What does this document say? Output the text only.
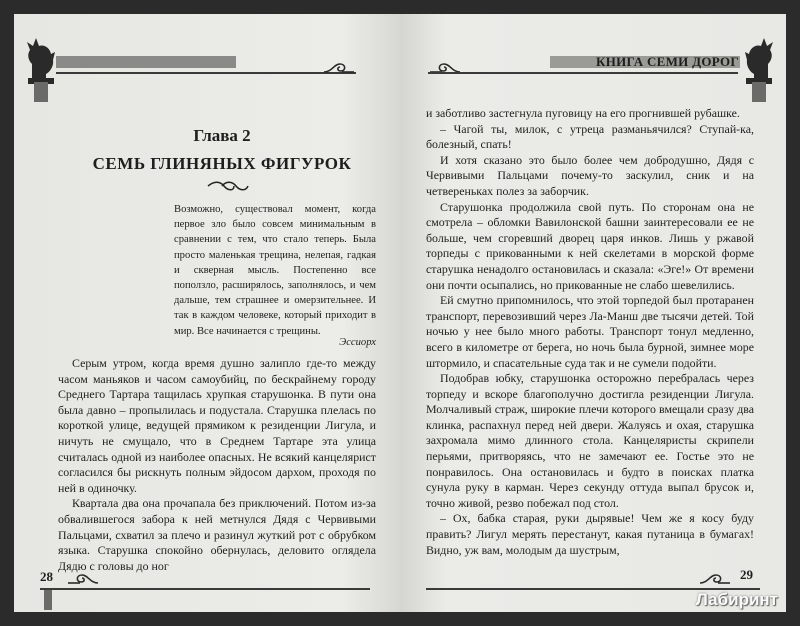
Глава 2
СЕМЬ ГЛИНЯНЫХ ФИГУРОК

Возможно, существовал момент, когда первое зло было совсем минимальным в сравнении с тем, что стало теперь. Была просто маленькая трещина, нелепая, гадкая и скверная мысль. Постепенно все поползло, расширялось, заполнялось, и чем дальше, тем страшнее и омерзительнее. И так в каждом человеке, который приходит в мир. Все начинается с трещины.

Эссиорх

Серым утром, когда время душно залипло где-то между часом маньяков и часом самоубийц, по бескрайнему городу Среднего Тартара тащилась хрупкая старушонка. В пути она была давно – пропылилась и подустала. Старушка плелась по короткой улице, ведущей прямиком к резиденции Лигула, и ничуть не смущало, что в Среднем Тартаре эта улица считалась одной из наиболее опасных. Не всякий канцелярист согласился бы рискнуть полным эйдосом дархом, проходя по ней в одиночку.

Квартала два она прочапала без приключений. Потом из-за обвалившегося забора к ней метнулся Дядя с Червивыми Пальцами, схватил за плечо и разинул жуткий рот с обрубком языка. Старушка спокойно обернулась, деловито оглядела Дядю с головы до ног

28
КНИГА СЕМИ ДОРОГ

и заботливо застегнула пуговицу на его прогнившей рубашке.

– Чагой ты, милок, с утреца разманьячился? Ступай-ка, болезный, спать!

И хотя сказано это было более чем добродушно, Дядя с Червивыми Пальцами почему-то заскулил, сник и на четвереньках полез за заборчик.

Старушонка продолжила свой путь. По сторонам она не смотрела – обломки Вавилонской башни заинтересовали ее не больше, чем сгоревший дворец царя инков. Лишь у ржавой торпеды с прикованными к ней скелетами в морской форме старушка ненадолго остановилась и сказала: «Эге!» От времени они почти осыпались, но прикованные не слабо шевелились.

Ей смутно припомнилось, что этой торпедой был протаранен транспорт, перевозивший через Ла-Манш две тысячи детей. Той ночью у нее было много работы. Транспорт тонул медленно, всего в километре от берега, но ночь была бурной, зимнее море штормило, и спасательные суда так и не сумели подойти.

Подобрав юбку, старушонка осторожно перебралась через торпеду и вскоре благополучно достигла резиденции Лигула. Молчаливый страж, широкие плечи которого вмещали сразу два клинка, распахнул перед ней двери. Жалуясь и охая, старушка захромала мимо длинного стола. Канцеляристы скрипели перьями, притворяясь, что не замечают ее. Гостье это не понравилось. Она остановилась и будто в поисках платка сунула руку в карман. Через секунду оттуда выпал брусок и, точно живой, резво побежал под стол.

– Ох, бабка старая, руки дырявые! Чем же я косу буду править? Лигул мерять перестанут, какая путаница в бумагах! Видно, уж вам, молодым да шустрым,

29
Лабиринт
